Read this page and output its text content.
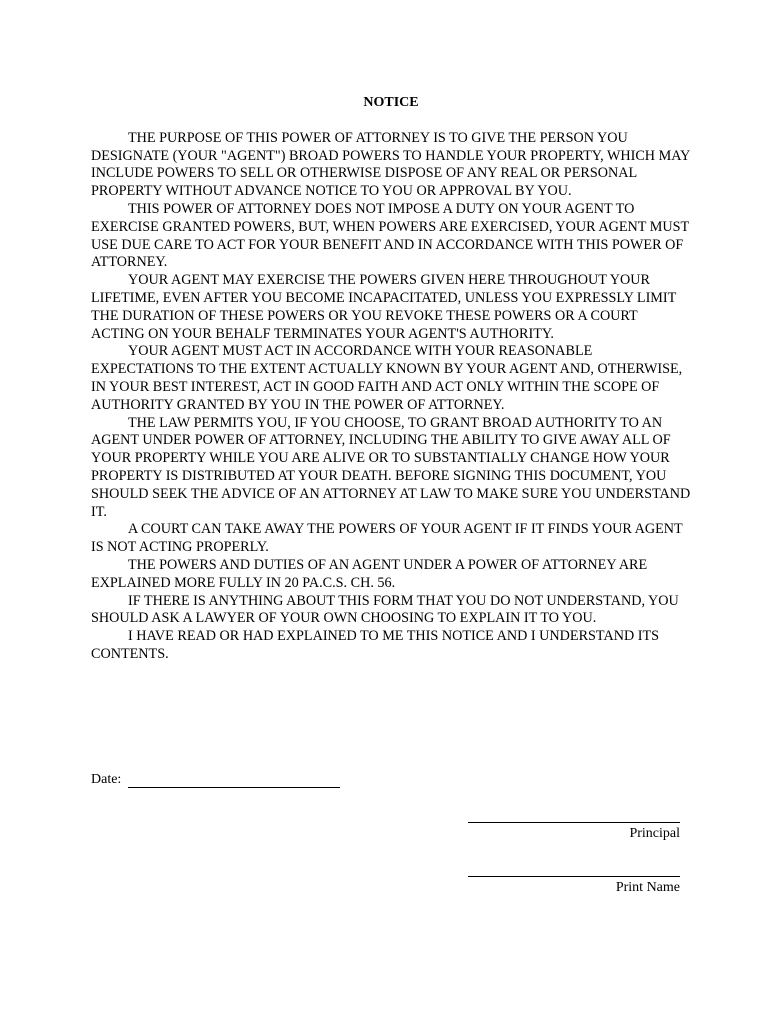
NOTICE

THE PURPOSE OF THIS POWER OF ATTORNEY IS TO GIVE THE PERSON YOU DESIGNATE (YOUR "AGENT") BROAD POWERS TO HANDLE YOUR PROPERTY, WHICH MAY INCLUDE POWERS TO SELL OR OTHERWISE DISPOSE OF ANY REAL OR PERSONAL PROPERTY WITHOUT ADVANCE NOTICE TO YOU OR APPROVAL BY YOU.

THIS POWER OF ATTORNEY DOES NOT IMPOSE A DUTY ON YOUR AGENT TO EXERCISE GRANTED POWERS, BUT, WHEN POWERS ARE EXERCISED, YOUR AGENT MUST USE DUE CARE TO ACT FOR YOUR BENEFIT AND IN ACCORDANCE WITH THIS POWER OF ATTORNEY.

YOUR AGENT MAY EXERCISE THE POWERS GIVEN HERE THROUGHOUT YOUR LIFETIME, EVEN AFTER YOU BECOME INCAPACITATED, UNLESS YOU EXPRESSLY LIMIT THE DURATION OF THESE POWERS OR YOU REVOKE THESE POWERS OR A COURT ACTING ON YOUR BEHALF TERMINATES YOUR AGENT'S AUTHORITY.

YOUR AGENT MUST ACT IN ACCORDANCE WITH YOUR REASONABLE EXPECTATIONS TO THE EXTENT ACTUALLY KNOWN BY YOUR AGENT AND, OTHERWISE, IN YOUR BEST INTEREST, ACT IN GOOD FAITH AND ACT ONLY WITHIN THE SCOPE OF AUTHORITY GRANTED BY YOU IN THE POWER OF ATTORNEY.

THE LAW PERMITS YOU, IF YOU CHOOSE, TO GRANT BROAD AUTHORITY TO AN AGENT UNDER POWER OF ATTORNEY, INCLUDING THE ABILITY TO GIVE AWAY ALL OF YOUR PROPERTY WHILE YOU ARE ALIVE OR TO SUBSTANTIALLY CHANGE HOW YOUR PROPERTY IS DISTRIBUTED AT YOUR DEATH. BEFORE SIGNING THIS DOCUMENT, YOU SHOULD SEEK THE ADVICE OF AN ATTORNEY AT LAW TO MAKE SURE YOU UNDERSTAND IT.

A COURT CAN TAKE AWAY THE POWERS OF YOUR AGENT IF IT FINDS YOUR AGENT IS NOT ACTING PROPERLY.

THE POWERS AND DUTIES OF AN AGENT UNDER A POWER OF ATTORNEY ARE EXPLAINED MORE FULLY IN 20 PA.C.S. CH. 56.

IF THERE IS ANYTHING ABOUT THIS FORM THAT YOU DO NOT UNDERSTAND, YOU SHOULD ASK A LAWYER OF YOUR OWN CHOOSING TO EXPLAIN IT TO YOU.

I HAVE READ OR HAD EXPLAINED TO ME THIS NOTICE AND I UNDERSTAND ITS CONTENTS.

Date:
Principal
Print Name
